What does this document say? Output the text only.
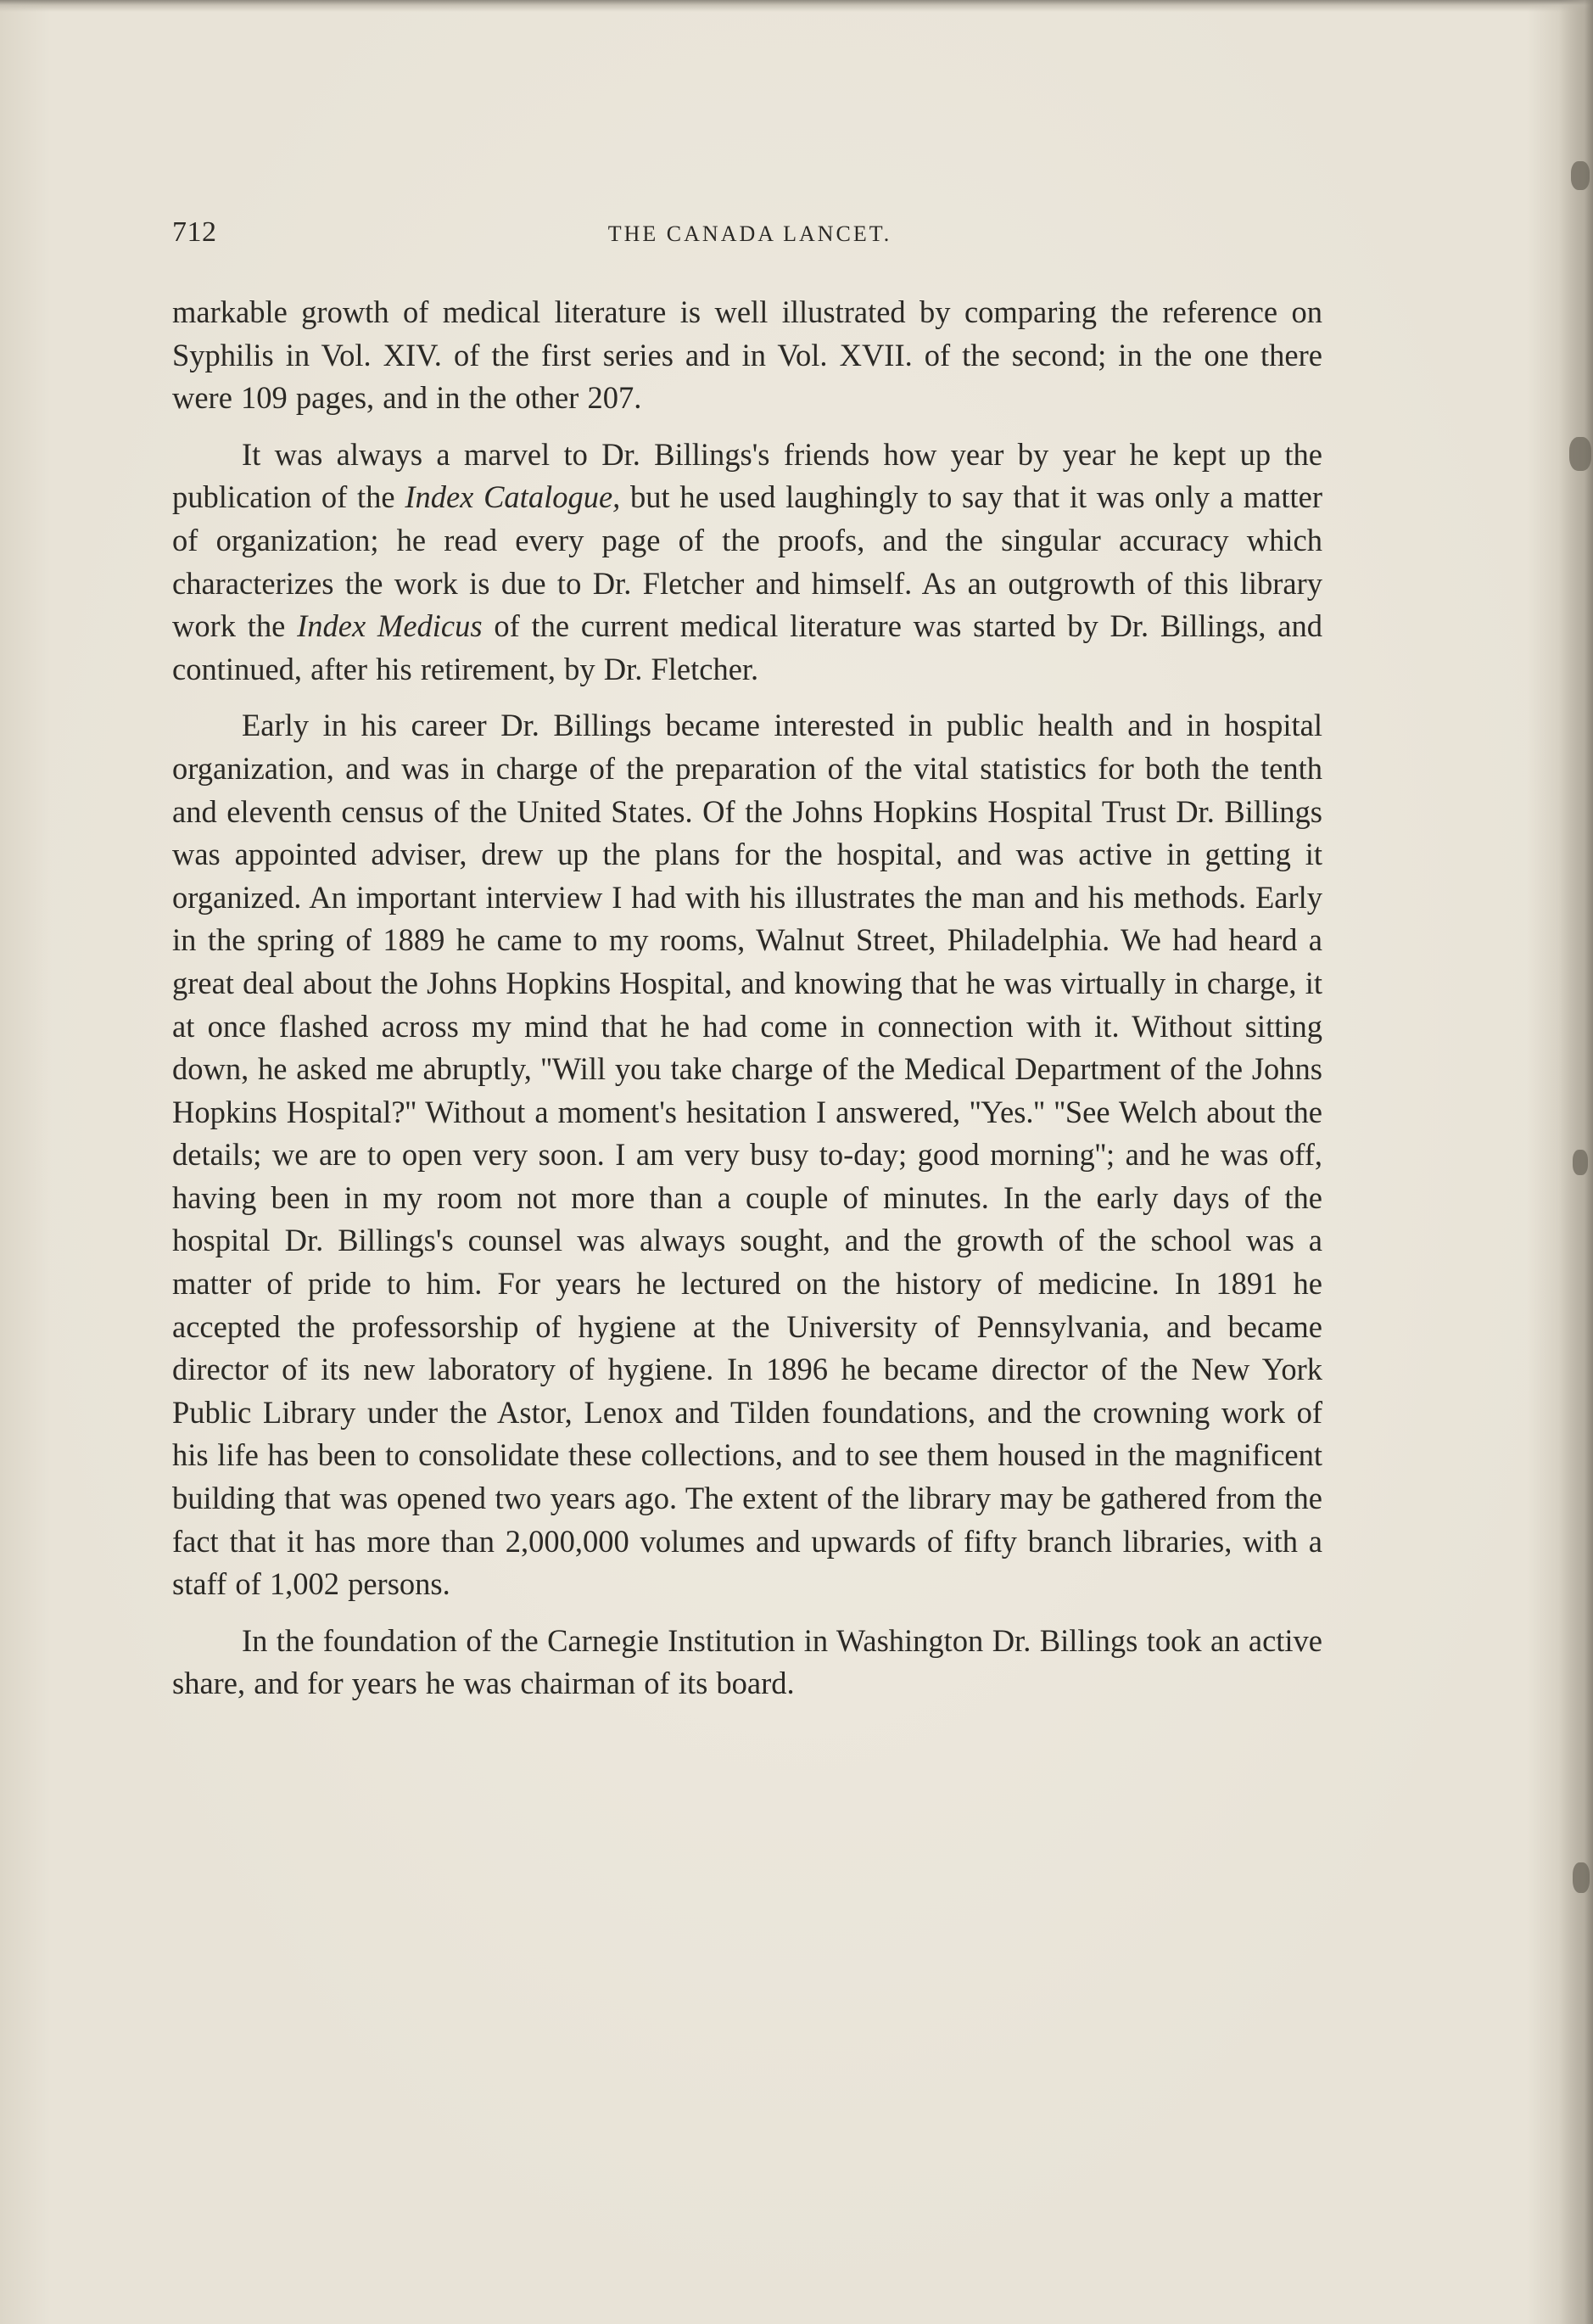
712	THE CANADA LANCET.

markable growth of medical literature is well illustrated by comparing the reference on Syphilis in Vol. XIV. of the first series and in Vol. XVII. of the second; in the one there were 109 pages, and in the other 207.

It was always a marvel to Dr. Billings's friends how year by year he kept up the publication of the Index Catalogue, but he used laughingly to say that it was only a matter of organization; he read every page of the proofs, and the singular accuracy which characterizes the work is due to Dr. Fletcher and himself. As an outgrowth of this library work the Index Medicus of the current medical literature was started by Dr. Billings, and continued, after his retirement, by Dr. Fletcher.

Early in his career Dr. Billings became interested in public health and in hospital organization, and was in charge of the preparation of the vital statistics for both the tenth and eleventh census of the United States. Of the Johns Hopkins Hospital Trust Dr. Billings was appointed adviser, drew up the plans for the hospital, and was active in getting it organized. An important interview I had with his illustrates the man and his methods. Early in the spring of 1889 he came to my rooms, Walnut Street, Philadelphia. We had heard a great deal about the Johns Hopkins Hospital, and knowing that he was virtually in charge, it at once flashed across my mind that he had come in connection with it. Without sitting down, he asked me abruptly, ''Will you take charge of the Medical Department of the Johns Hopkins Hospital?'' Without a moment's hesitation I answered, ''Yes.'' ''See Welch about the details; we are to open very soon. I am very busy to-day; good morning''; and he was off, having been in my room not more than a couple of minutes. In the early days of the hospital Dr. Billings's counsel was always sought, and the growth of the school was a matter of pride to him. For years he lectured on the history of medicine. In 1891 he accepted the professorship of hygiene at the University of Pennsylvania, and became director of its new laboratory of hygiene. In 1896 he became director of the New York Public Library under the Astor, Lenox and Tilden foundations, and the crowning work of his life has been to consolidate these collections, and to see them housed in the magnificent building that was opened two years ago. The extent of the library may be gathered from the fact that it has more than 2,000,000 volumes and upwards of fifty branch libraries, with a staff of 1,002 persons.

In the foundation of the Carnegie Institution in Washington Dr. Billings took an active share, and for years he was chairman of its board.
